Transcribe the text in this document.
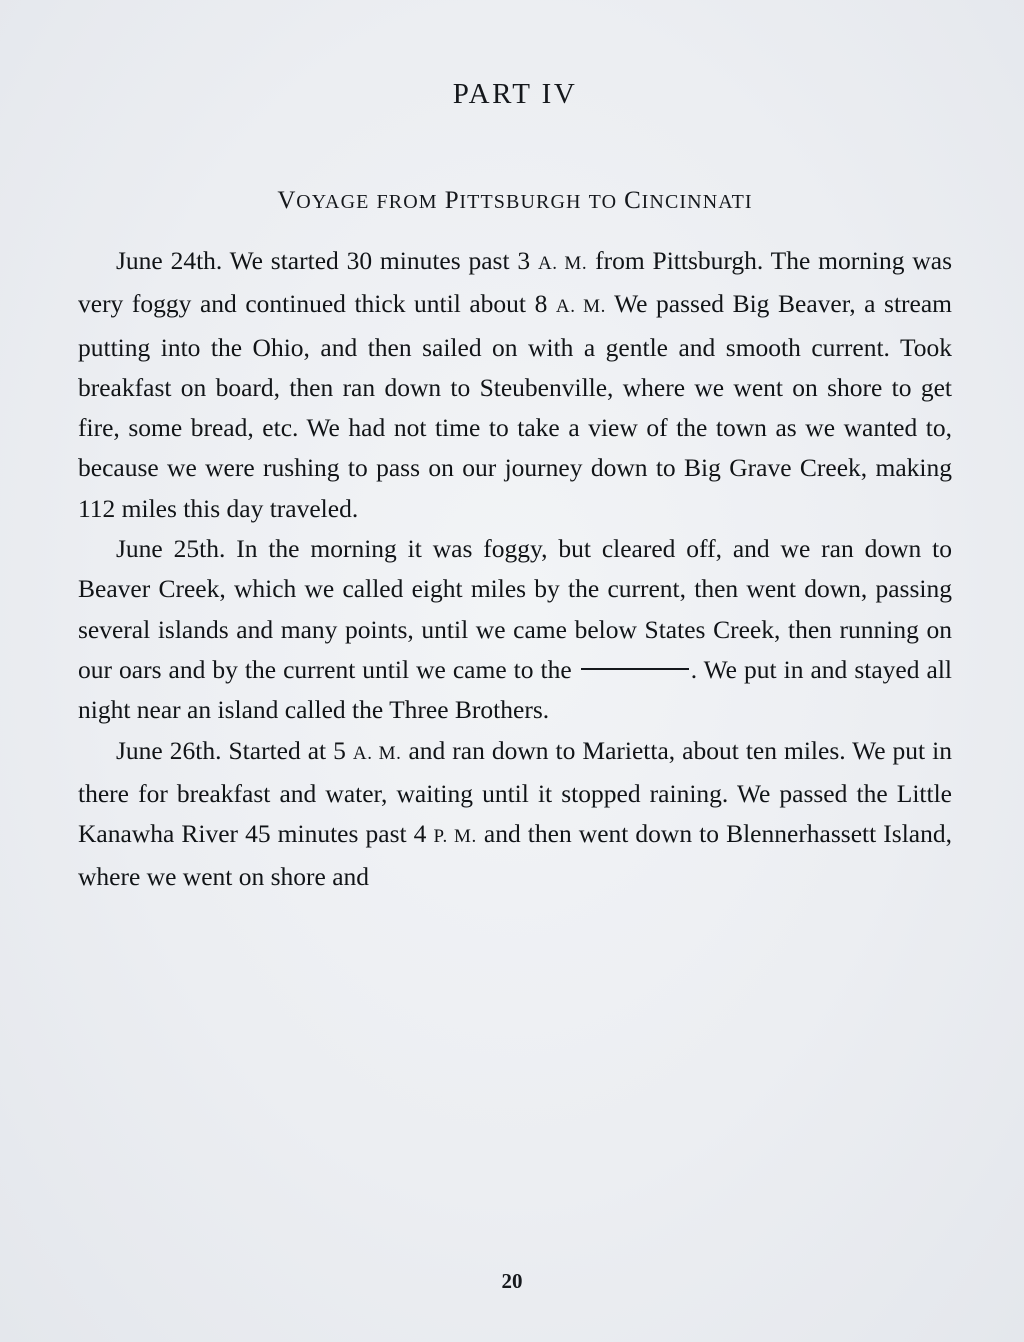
PART IV
VOYAGE FROM PITTSBURGH TO CINCINNATI

June 24th. We started 30 minutes past 3 A. M. from Pittsburgh. The morning was very foggy and continued thick until about 8 A. M. We passed Big Beaver, a stream putting into the Ohio, and then sailed on with a gentle and smooth current. Took breakfast on board, then ran down to Steubenville, where we went on shore to get fire, some bread, etc. We had not time to take a view of the town as we wanted to, because we were rushing to pass on our journey down to Big Grave Creek, making 112 miles this day traveled.

June 25th. In the morning it was foggy, but cleared off, and we ran down to Beaver Creek, which we called eight miles by the current, then went down, passing several islands and many points, until we came below States Creek, then running on our oars and by the current until we came to the	. We put in and stayed all night near an island called the Three Brothers.

June 26th. Started at 5 A. M. and ran down to Marietta, about ten miles. We put in there for breakfast and water, waiting until it stopped raining. We passed the Little Kanawha River 45 minutes past 4 P. M. and then went down to Blennerhassett Island, where we went on shore and

20
